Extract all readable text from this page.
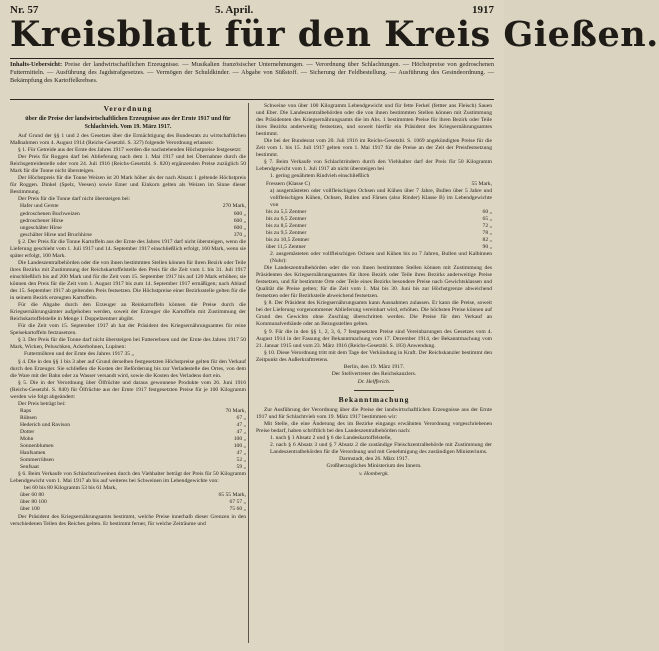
Nr. 57	5. April.	1917
Kreisblatt für den Kreis Gießen.
Inhalts-Uebersicht: Preise der landwirtschaftlichen Erzeugnisse. — Musikalien französischer Unternehmungen. — Verordnung über Schlachtungen. — Höchstpreise von gedroschenen Futtermitteln. — Ausführung des Jagdstrafgesetzes. — Vermögen der Schuldkinder. — Abgabe von Süßstoff. — Sicherung der Feldbestellung. — Ausführung des Gesindeordnung. — Bekämpfung des Kartoffelkrebses.
Verordnung
über die Preise der landwirtschaftlichen Erzeugnisse aus der Ernte 1917 und für Schlachtvieh. Vom 19. März 1917.

Auf Grund der §§ 1 und 2 des Gesetzes über die Ermächtigung des Bundesrats zu wirtschaftlichen Maßnahmen vom 4. August 1914 (Reichs-Gesetzbl. S. 327) folgende Verordnung erlassen:

§ 1. Für Getreide aus der Ernte des Jahres 1917 werden die nachstehenden Höchstpreise festgesetzt:

Der Preis für Roggen darf bei Ablieferung nach dem 1. Mai 1917 und bei Übernahme durch die Reichsgetreidestelle oder vom 24. Juli 1916 (Reichs-Gesetzbl. S. 820) ergänzenden Preise zuzüglich 50 Mark für die Tonne nicht übersteigen.

Der Höchstpreis für die Tonne Weizen ist 20 Mark höher als der nach Absatz 1 geltende Höchstpreis für Roggen. Dinkel (Spelz, Veesen) sowie Emer und Einkorn gelten als Weizen im Sinne dieser Bestimmung.

Der Preis für die Tonne darf nicht übersteigen bei:

Hafer und Gerste	270 Mark,
gedroschenen Buchweizen	600 „
gedroschener Hirse	600 „
ungeschälter Hirse	600 „
geschälter Hirse und Bruchhirse	370 „

§ 2. Der Preis für die Tonne Kartoffeln aus der Ernte des Jahres 1917 darf nicht übersteigen, wenn die Lieferung geschieht vom 1. Juli 1917 und 14. September 1917 einschließlich erfolgt, 160 Mark, wenn sie später erfolgt, 100 Mark.

Die Landeszentralbehörden oder die von ihnen bestimmten Stellen können für ihren Bezirk oder Teile ihres Bezirks mit Zustimmung der Reichskartoffelstelle den Preis für die Zeit vom 1. bis 31. Juli 1917 einschließlich bis auf 200 Mark und für die Zeit vom 15. September 1917 bis auf 120 Mark erhöhen; sie können den Preis für die Zeit vom 1. August 1917 bis zum 14. September 1917 ermäßigen; nach Ablauf des 15. September 1917 ab geltenden Preis festsetzen. Die Höchstpreise einer Bezirksstelle gelten für die in seinem Bezirk erzeugten Kartoffeln.

Für die Abgabe durch den Erzeuger an Reinkartoffeln können die Preise durch die Kriegsernährungsämter aufgehoben werden, soweit der Erzeuger die Kartoffeln mit Zustimmung der Reichskartoffelstelle in Menge 1 Doppelzentner abgibt.

Für die Zeit vom 15. September 1917 ab hat der Präsident des Kriegsernährungsamtes für reine Speisekartoffeln festzusetzen.

§ 3. Der Preis für die Tonne darf nicht übersteigen bei Futtererbsen und der Ernte des Jahres 1917 50 Mark, Wicken, Peluschken, Ackerbohnen, Lupinen:

Futtermöhren und der Ernte des Jahres 1917 35 „

§ 4. Die in den §§ 1 bis 3 aber auf Grund derselben festgesetzten Höchstpreise gelten für den Verkauf durch den Erzeuger. Sie schließen die Kosten der Beförderung bis zur Verladestelle des Ortes, von dem die Ware mit der Bahn oder zu Wasser versandt wird, sowie die Kosten des Verladens dort ein.

§ 5. Die in der Verordnung über Ölfrüchte und daraus gewonnene Produkte vom 26. Juni 1916 (Reichs-Gesetzbl. S. 840) für Ölfrüchte aus der Ernte 1917 festgesetzten Preise für je 100 Kilogramm werden wie folgt abgeändert:

Der Preis beträgt bei:

Raps	70 Mark,
Rübsen	67 „
Hederich und Ravison	47 „
Dotter	47 „
Mohn	100 „
Sonnenblumen	100 „
Hanfsamen	47 „
Sommerrübsen	52 „
Senfsaat	59 „

§ 6. Beim Verkaufe von Schlachtschweinen durch den Viehhalter beträgt der Preis für 50 Kilogramm Lebendgewicht vom 1. Mai 1917 ab bis auf weiteres bei Schweinen im Lebendgewichte von:

bei 60 bis 80 Kilogramm 53 bis 61 Mark,

über 60 80	65 55 Mark,
über 80 100	67 57 „
über 100	75 60 „

Der Präsident des Kriegsernährungsamts bestimmt, welche Preise innerhalb dieser Grenzen in den verschiedenen Teilen des Reiches gelten. Er bestimmt ferner, für welche Zeiträume und

Schweine von über 100 Kilogramm Lebendgewicht und für fette Ferkel (fettter ans Fleisch) Sauen und Eber. Die Landeszentralbehörden oder die von ihnen bestimmten Stellen können mit Zustimmung des Präsidenten des Kriegsernährungsamts die im Abs. 1 bestimmten Preise für ihren Bezirk oder Teile ihres Bezirks anderweitig festsetzen, und soweit hierfür ein Präsident des Kriegsernährungsamtes bestimmt.

Die bei der Bundesrat vom 20. Juli 1916 im Reichs-Gesetzbl. S. 1069 angekündigten Preise für die Zeit vom 1. bis 15. Juli 1917 gelten vom 1. Mai 1917 für die Preise an der Zeit der Preisfestsetzung bestimmt.

§ 7. Beim Verkaufe von Schlachtrindern durch den Viehhalter darf der Preis für 50 Kilogramm Lebendgewicht vom 1. Juli 1917 ab nicht übersteigen bei

1. gering genährtem Rindvieh einschließlich

Fressern (Klasse C)	55 Mark,

a) ausgemästeten oder vollfleischigen Ochsen und Kühen über 7 Jahre, Bullen über 5 Jahre und vollfleischigen Kühen, Ochsen, Bullen und Färsen (also Rinder) Klasse B) im Lebendgewichte von

bis zu 5,5 Zentner	60 „
bis zu 6,5 Zentner	65 „
bis zu 8,5 Zentner	72 „
bis zu 9,5 Zentner	78 „
bis zu 10,5 Zentner	82 „
über 11,5 Zentner	90 „

2. ausgemästeten oder vollfleischigen Ochsen und Kühen bis zu 7 Jahren, Bullen und Kalbinnen (Nuhr):

Die Landeszentralbehörden oder die von ihnen bestimmten Stellen können mit Zustimmung des Präsidenten des Kriegsernährungsamtes für ihren Bezirk oder Teile ihres Bezirks anderweitige Preise festsetzen, und für bestimmte Orte oder Teile eines Bezirks besondere Preise nach Gewichtsklassen und Qualität die Preise gelten; für die Zeit vom 1. Mai bis 30. Juni bis zur Höchstgrenze abweichend festsetzen oder für Bezirksteile abweichend festsetzen.

§ 8. Der Präsident des Kriegsernährungsamts kann Ausnahmen zulassen. Er kann die Preise, soweit bei der Lieferung vorgenommener Ablieferung vereinbart wird, erhöhen. Die höchsten Preise können auf Grund des Gewichts ohne Zuschlag überschritten werden. Die Preise für den Verkauf an Kommunalverbände oder an Bezugsstellen gelten.

§ 9. Für die in den §§ 1, 2, 3, 6, 7 festgesetzten Preise sind Vereinbarungen des Gesetzes vom 4. August 1914 in der Fassung der Bekanntmachung vom 17. Dezember 1914, der Bekanntmachung vom 21. Januar 1915 und vom 23. März 1916 (Reichs-Gesetzbl. S. 183) Anwendung.

§ 10. Diese Verordnung tritt mit dem Tage der Verkündung in Kraft. Der Reichskanzler bestimmt den Zeitpunkt des Außerkrafttretens.

Berlin, den 19. März 1917.

Der Stellvertreter des Reichskanzlers.

Dr. Helfferich.

Bekanntmachung

Zur Ausführung der Verordnung über die Preise der landwirtschaftlichen Erzeugnisse aus der Ernte 1917 und für Schlachtvieh vom 19. März 1917 bestimmen wir:

Mit Stelle, die eine Änderung des im Bezirke eingangs erwähnten Verordnung vorgeschriebenen Preise bedarf, haben schriftlich bei den Landeszentralbehörden nach:

1. nach § 1 Absatz 2 und § 6 die Landeskartoffelstelle,

2. nach § 6 Absatz 3 und § 7 Absatz 2 die zuständige Fleischzentralbehörde mit Zustimmung der Landeszentralbehörden für die Verordnung und mit Genehmigung des zuständigen Ministeriums.

Darmstadt, den 26. März 1917.

Großherzogliches Ministerium des Innern.

v. Hombergk.
